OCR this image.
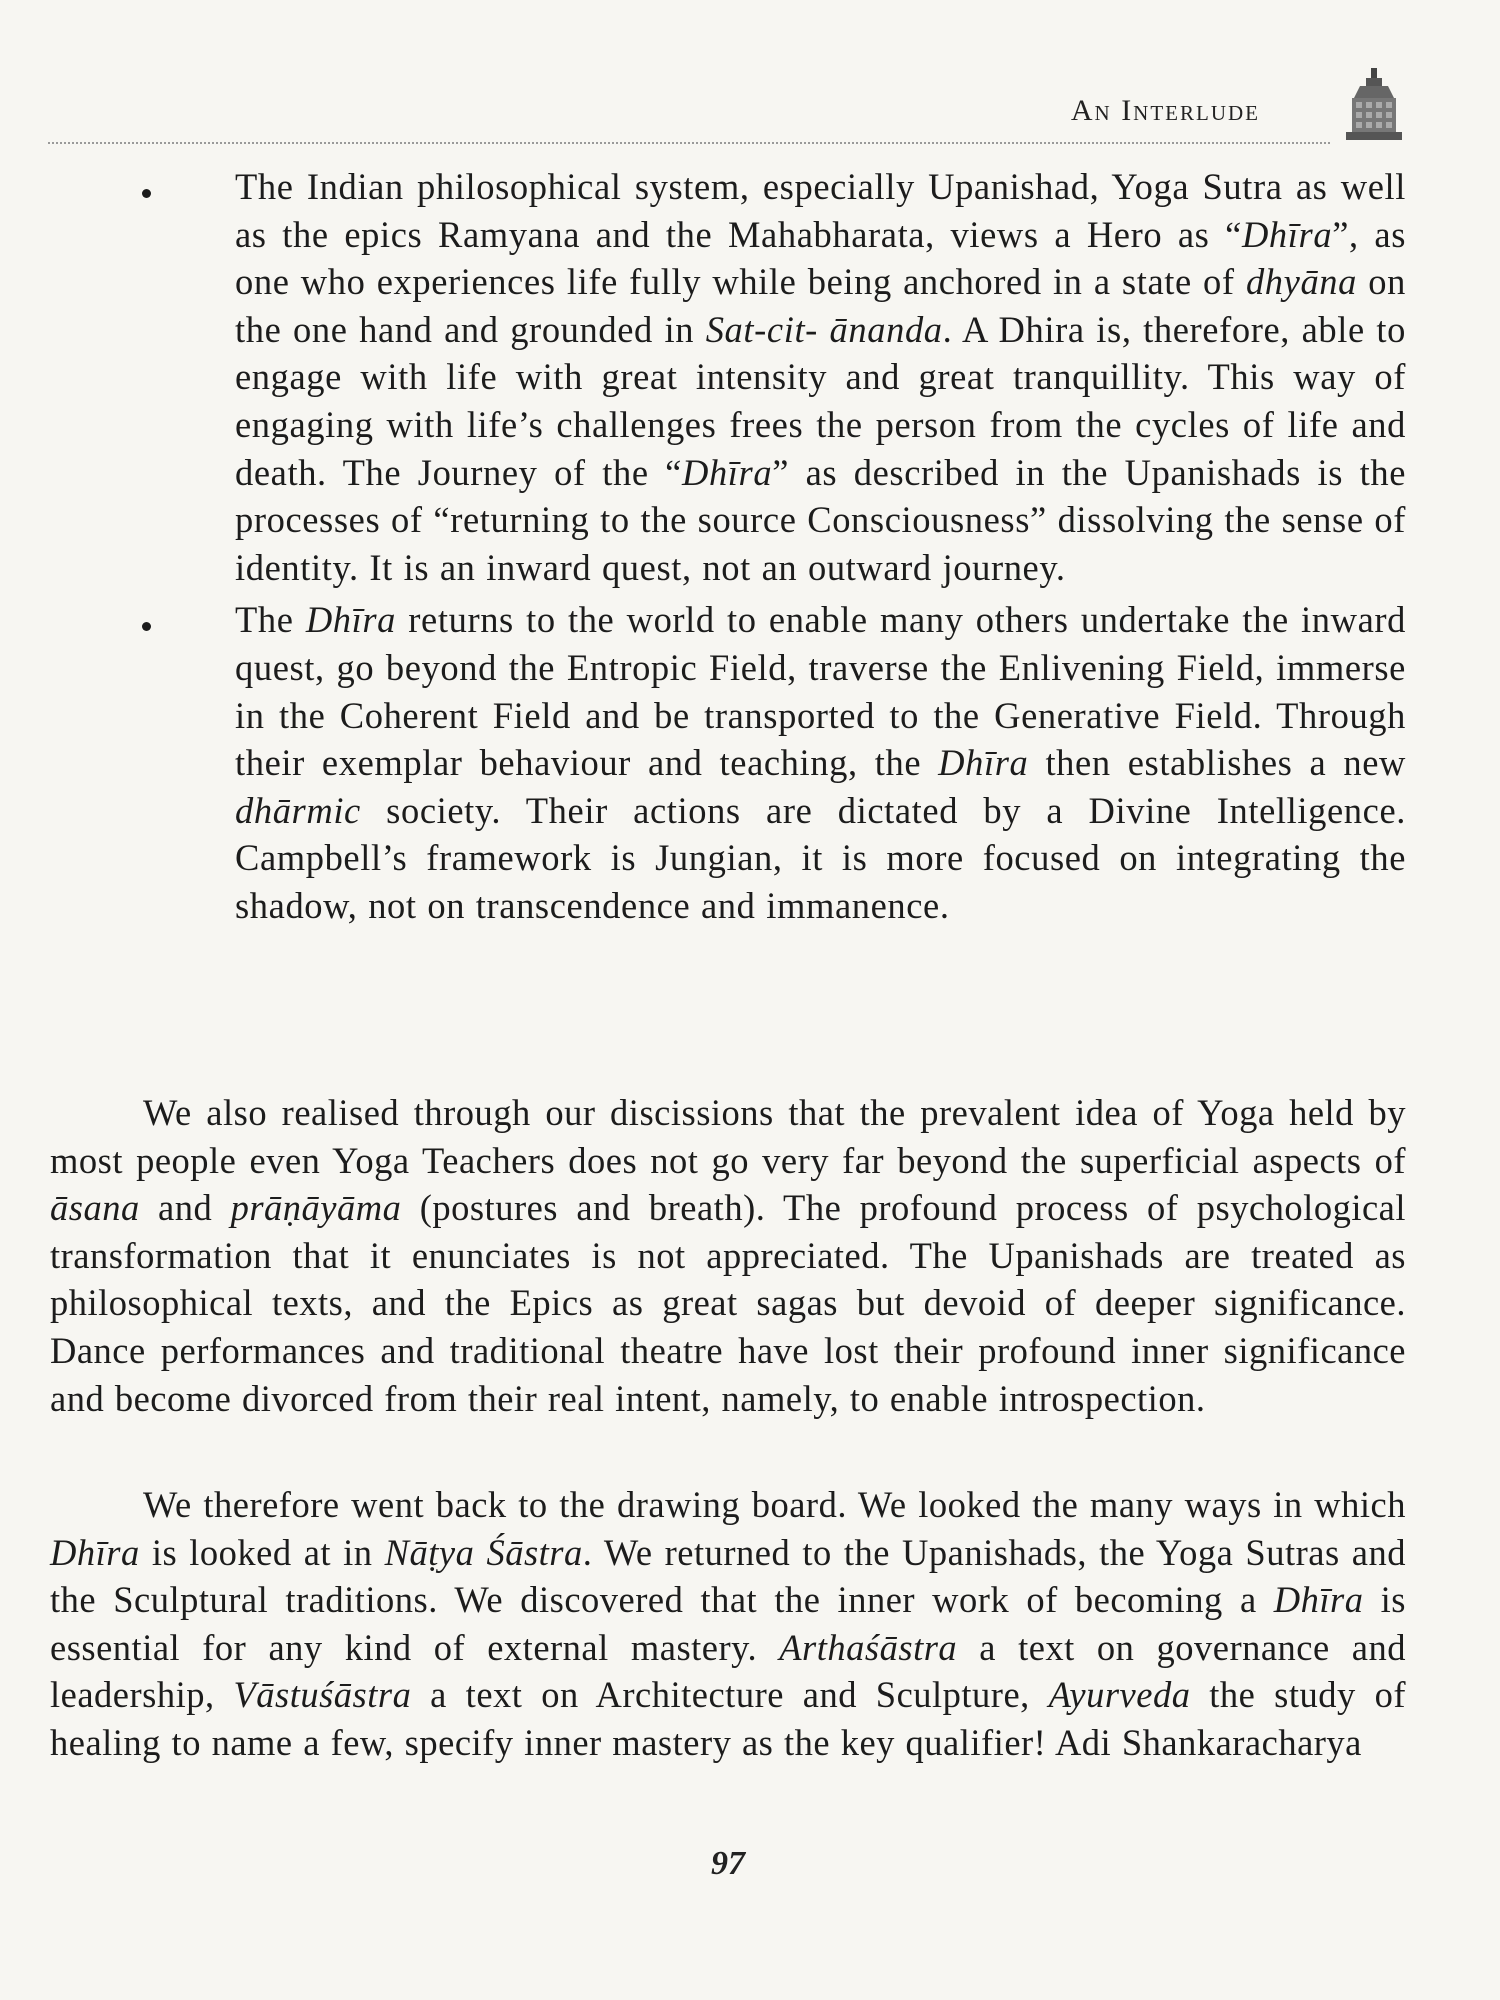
An Interlude
The Indian philosophical system, especially Upanishad, Yoga Sutra as well as the epics Ramyana and the Mahabharata, views a Hero as “Dhīra”, as one who experiences life fully while being anchored in a state of dhyāna on the one hand and grounded in Sat-cit- ānanda. A Dhira is, therefore, able to engage with life with great intensity and great tranquillity. This way of engaging with life’s challenges frees the person from the cycles of life and death. The Journey of the “Dhīra” as described in the Upanishads is the processes of “returning to the source Consciousness” dissolving the sense of identity. It is an inward quest, not an outward journey.
The Dhīra returns to the world to enable many others undertake the inward quest, go beyond the Entropic Field, traverse the Enlivening Field, immerse in the Coherent Field and be transported to the Generative Field. Through their exemplar behaviour and teaching, the Dhīra then establishes a new dhārmic society. Their actions are dictated by a Divine Intelligence. Campbell’s framework is Jungian, it is more focused on integrating the shadow, not on transcendence and immanence.

We also realised through our discissions that the prevalent idea of Yoga held by most people even Yoga Teachers does not go very far beyond the superficial aspects of āsana and prāṇāyāma (postures and breath). The profound process of psychological transformation that it enunciates is not appreciated. The Upanishads are treated as philosophical texts, and the Epics as great sagas but devoid of deeper significance. Dance performances and traditional theatre have lost their profound inner significance and become divorced from their real intent, namely, to enable introspection.

We therefore went back to the drawing board. We looked the many ways in which Dhīra is looked at in Nāṭya Śāstra. We returned to the Upanishads, the Yoga Sutras and the Sculptural traditions. We discovered that the inner work of becoming a Dhīra is essential for any kind of external mastery. Arthaśāstra a text on governance and leadership, Vāstuśāstra a text on Architecture and Sculpture, Ayurveda the study of healing to name a few, specify inner mastery as the key qualifier! Adi Shankaracharya

97
